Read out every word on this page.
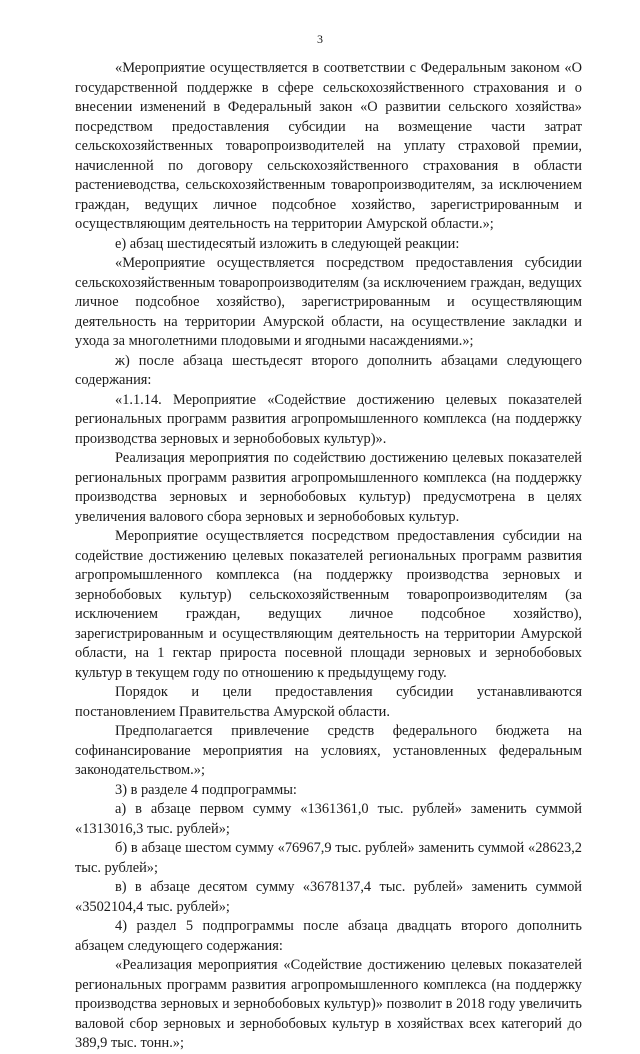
3

«Мероприятие осуществляется в соответствии с Федеральным законом «О государственной поддержке в сфере сельскохозяйственного страхования и о внесении изменений в Федеральный закон «О развитии сельского хозяйства» посредством предоставления субсидии на возмещение части затрат сельскохозяйственных товаропроизводителей на уплату страховой премии, начисленной по договору сельскохозяйственного страхования в области растениеводства, сельскохозяйственным товаропроизводителям, за исключением граждан, ведущих личное подсобное хозяйство, зарегистрированным и осуществляющим деятельность на территории Амурской области.»;

е) абзац шестидесятый изложить в следующей реакции:

«Мероприятие осуществляется посредством предоставления субсидии сельскохозяйственным товаропроизводителям (за исключением граждан, ведущих личное подсобное хозяйство), зарегистрированным и осуществляющим деятельность на территории Амурской области, на осуществление закладки и ухода за многолетними плодовыми и ягодными насаждениями.»;

ж) после абзаца шестьдесят второго дополнить абзацами следующего содержания:

«1.1.14. Мероприятие «Содействие достижению целевых показателей региональных программ развития агропромышленного комплекса (на поддержку производства зерновых и зернобобовых культур)».

Реализация мероприятия по содействию достижению целевых показателей региональных программ развития агропромышленного комплекса (на поддержку производства зерновых и зернобобовых культур) предусмотрена в целях увеличения валового сбора зерновых и зернобобовых культур.

Мероприятие осуществляется посредством предоставления субсидии на содействие достижению целевых показателей региональных программ развития агропромышленного комплекса (на поддержку производства зерновых и зернобобовых культур) сельскохозяйственным товаропроизводителям (за исключением граждан, ведущих личное подсобное хозяйство), зарегистрированным и осуществляющим деятельность на территории Амурской области, на 1 гектар прироста посевной площади зерновых и зернобобовых культур в текущем году по отношению к предыдущему году.

Порядок и цели предоставления субсидии устанавливаются постановлением Правительства Амурской области.

Предполагается привлечение средств федерального бюджета на софинансирование мероприятия на условиях, установленных федеральным законодательством.»;

3) в разделе 4 подпрограммы:

а) в абзаце первом сумму «1361361,0 тыс. рублей» заменить суммой «1313016,3 тыс. рублей»;

б) в абзаце шестом сумму «76967,9 тыс. рублей» заменить суммой «28623,2 тыс. рублей»;

в) в абзаце десятом сумму «3678137,4 тыс. рублей» заменить суммой «3502104,4 тыс. рублей»;

4) раздел 5 подпрограммы после абзаца двадцать второго дополнить абзацем следующего содержания:

«Реализация мероприятия «Содействие достижению целевых показателей региональных программ развития агропромышленного комплекса (на поддержку производства зерновых и зернобобовых культур)» позволит в 2018 году увеличить валовой сбор зерновых и зернобобовых культур в хозяйствах всех категорий до 389,9 тыс. тонн.»;
